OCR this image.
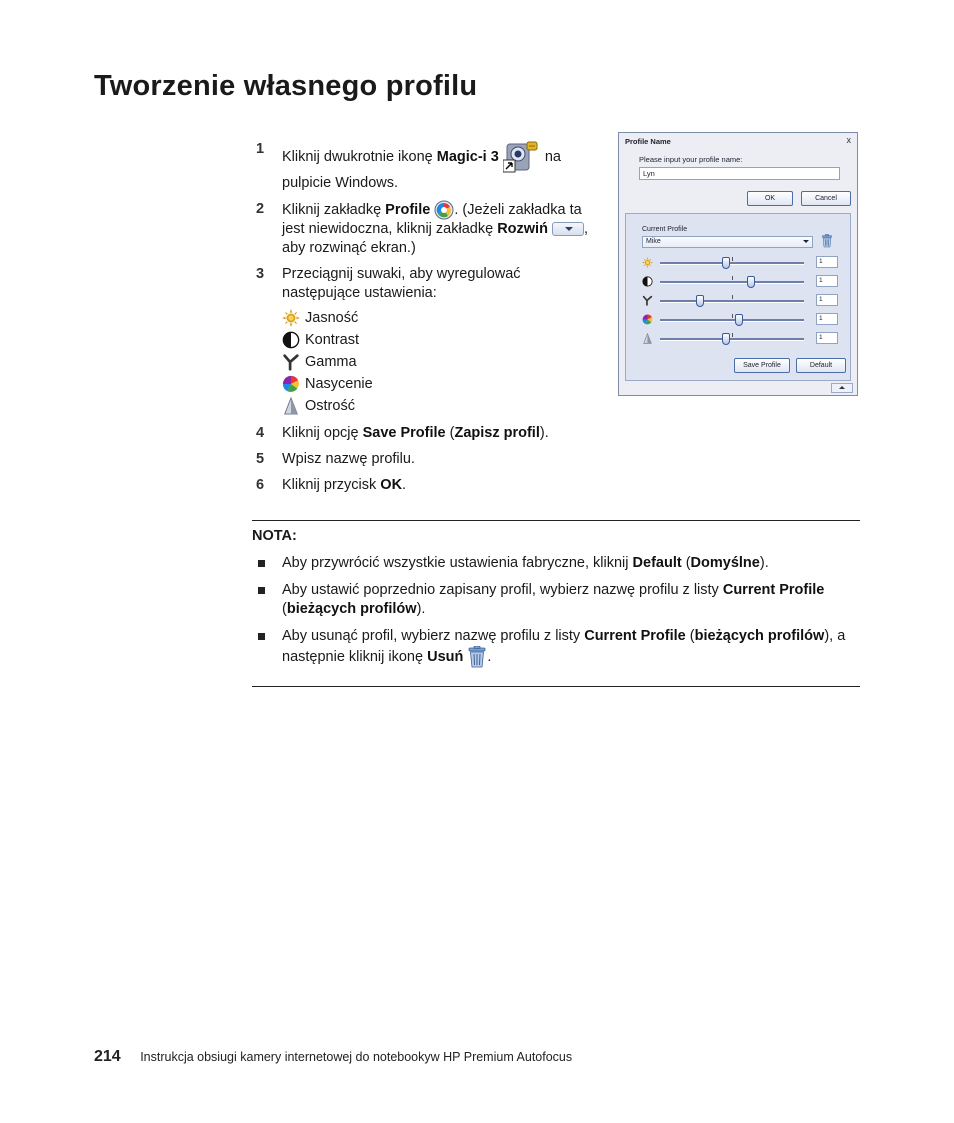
Tworzenie własnego profilu
1 Kliknij dwukrotnie ikonę Magic-i 3	na pulpicie Windows.
2 Kliknij zakładkę Profile . (Jeżeli zakładka ta jest niewidoczna, kliknij zakładkę Rozwiń , aby rozwinąć ekran.)
3 Przeciągnij suwaki, aby wyregulować następujące ustawienia:
Jasność
Kontrast
Gamma
Nasycenie
Ostrość
4 Kliknij opcję Save Profile (Zapisz profil).
5 Wpisz nazwę profilu.
6 Kliknij przycisk OK.
Profile Name	x
Please input your profile name:
Lyn
OK	Cancel
Current Profile
Mike
1
1
1
1
1
Save Profile	Default
NOTA:
Aby przywrócić wszystkie ustawienia fabryczne, kliknij Default (Domyślne).
Aby ustawić poprzednio zapisany profil, wybierz nazwę profilu z listy Current Profile (bieżących profilów).
Aby usunąć profil, wybierz nazwę profilu z listy Current Profile (bieżących profilów), a następnie kliknij ikonę Usuń .
214 Instrukcja obsiugi kamery internetowej do notebookyw HP Premium Autofocus
